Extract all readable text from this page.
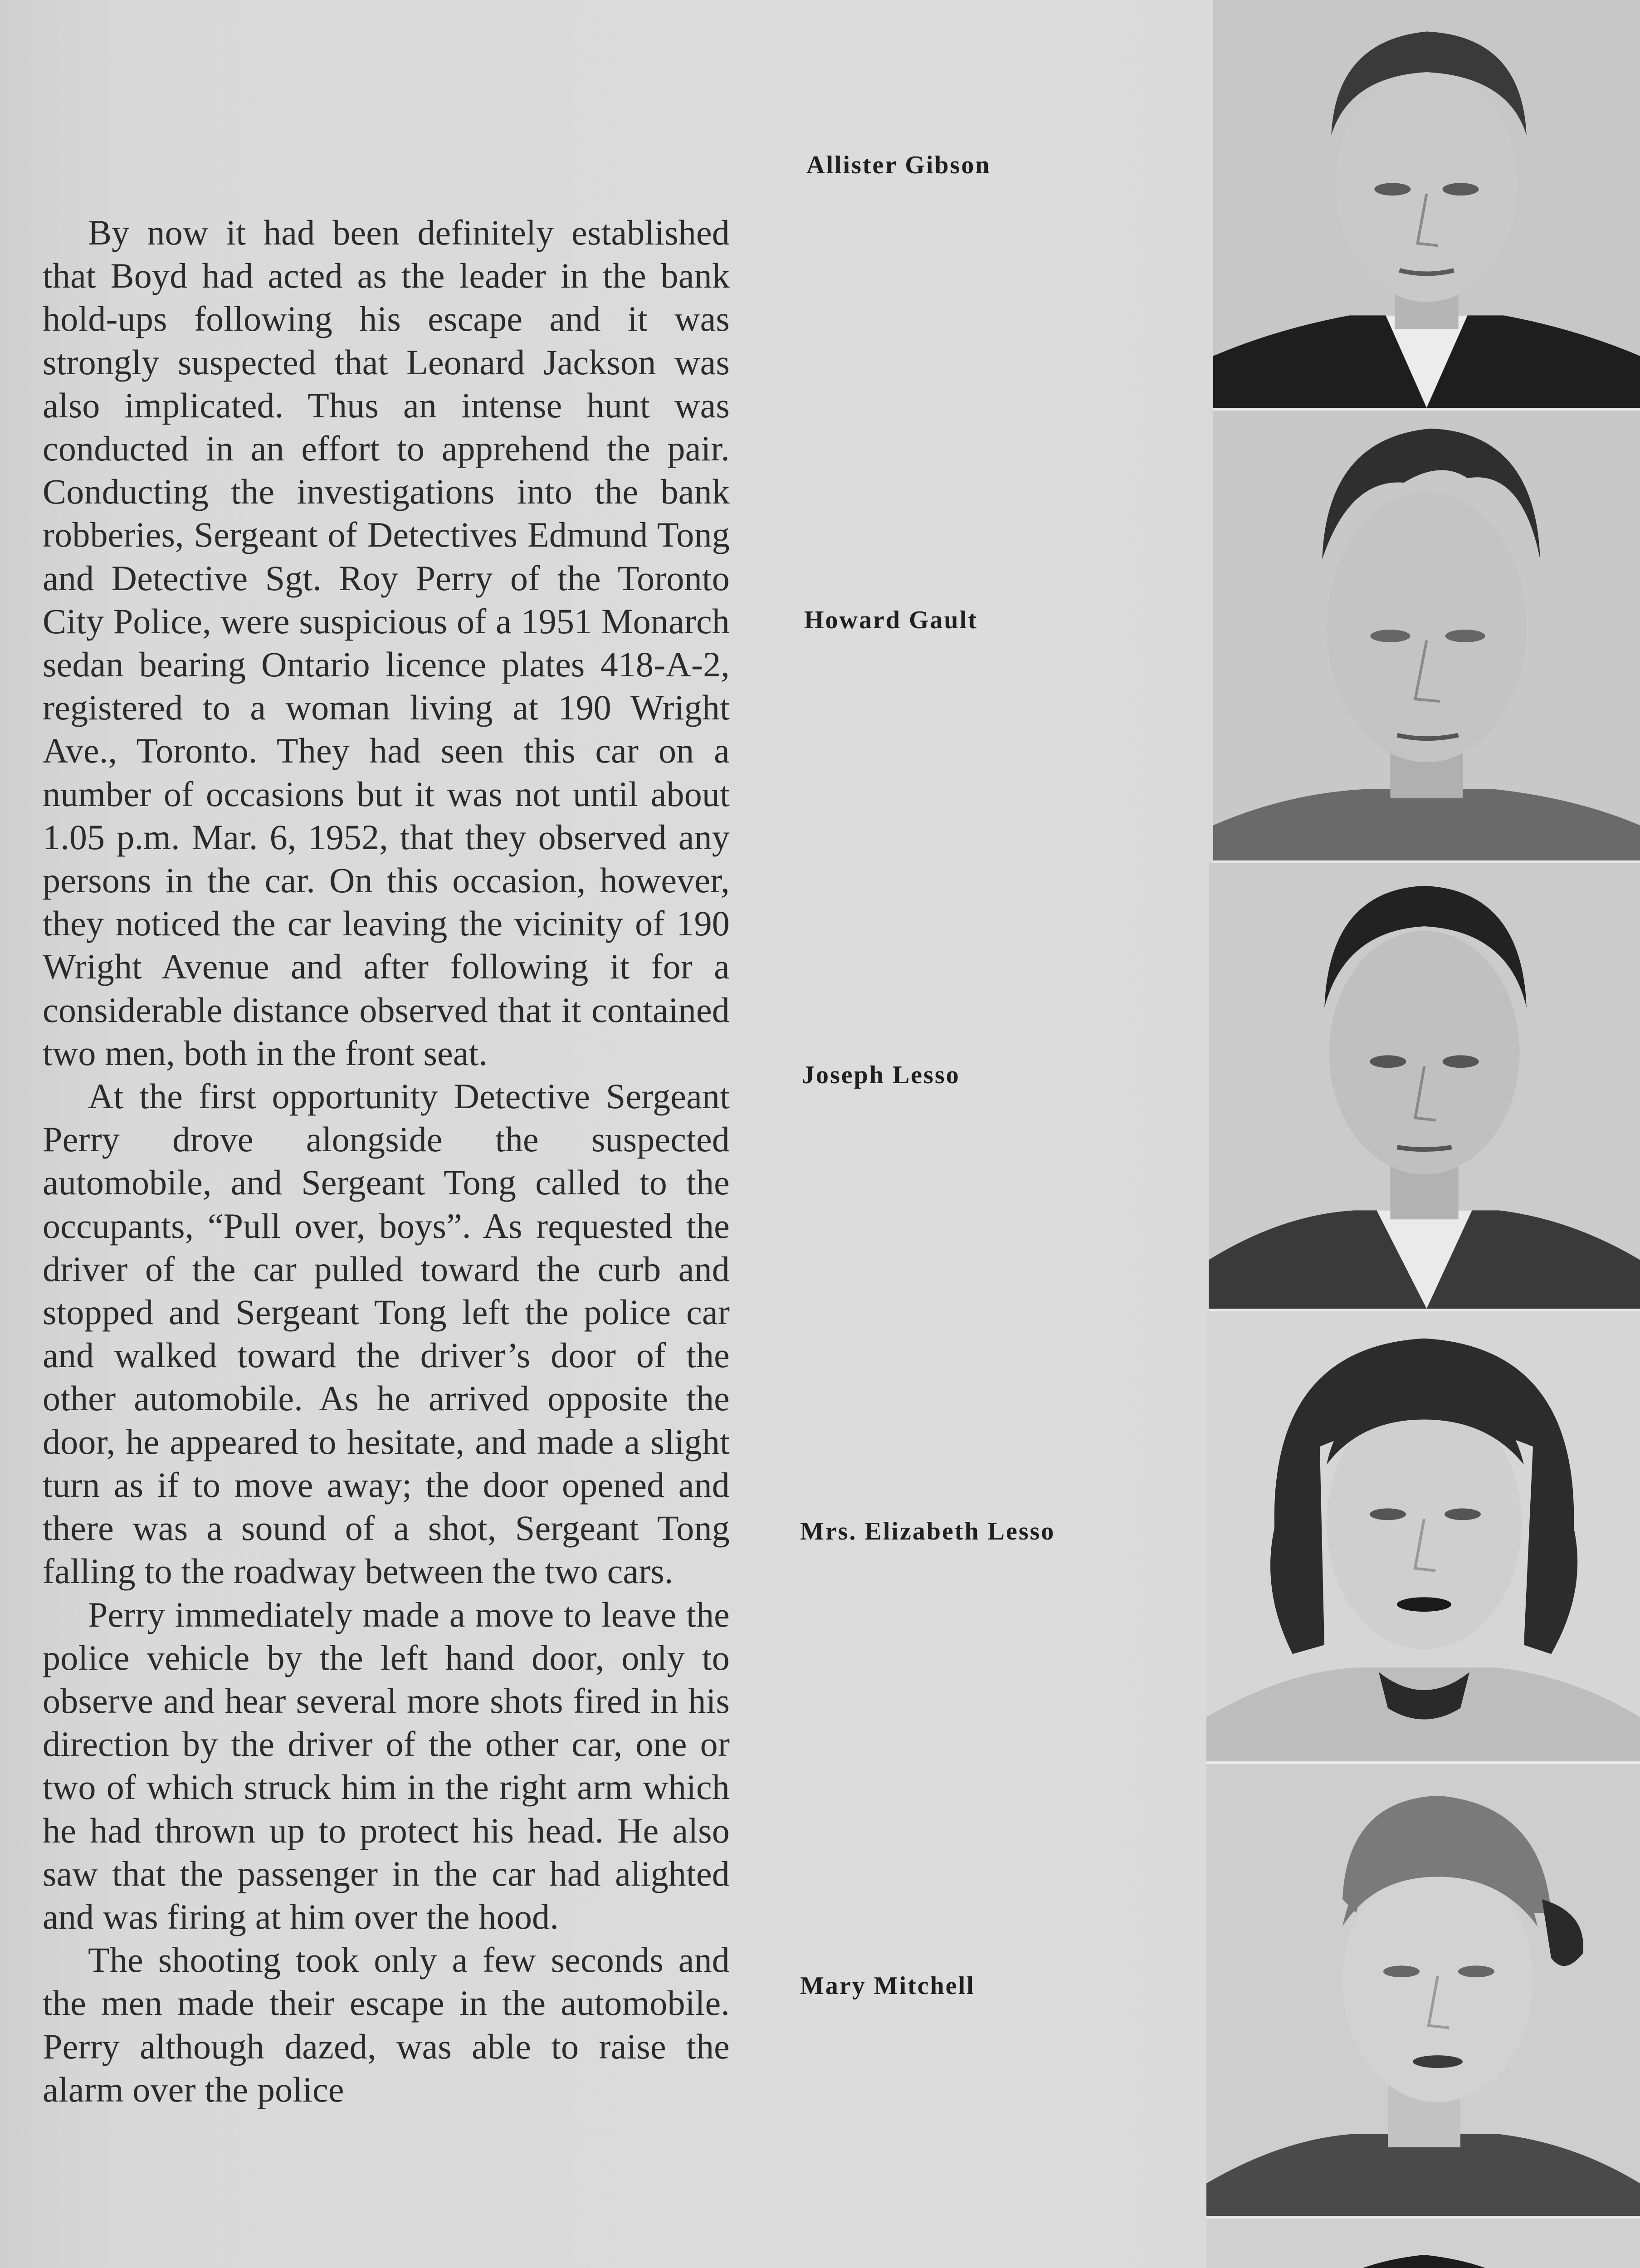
By now it had been definitely established that Boyd had acted as the leader in the bank hold-ups following his escape and it was strongly suspected that Leonard Jackson was also implicated. Thus an intense hunt was conducted in an effort to apprehend the pair. Conducting the investigations into the bank robberies, Sergeant of Detectives Edmund Tong and Detective Sgt. Roy Perry of the Toronto City Police, were suspicious of a 1951 Monarch sedan bearing Ontario licence plates 418-A-2, registered to a woman living at 190 Wright Ave., Toronto. They had seen this car on a number of occasions but it was not until about 1.05 p.m. Mar. 6, 1952, that they observed any persons in the car. On this occasion, however, they noticed the car leaving the vicinity of 190 Wright Avenue and after following it for a considerable distance observed that it contained two men, both in the front seat.

At the first opportunity Detective Sergeant Perry drove alongside the suspected automobile, and Sergeant Tong called to the occupants, “Pull over, boys”. As requested the driver of the car pulled toward the curb and stopped and Sergeant Tong left the police car and walked toward the driver’s door of the other automobile. As he arrived opposite the door, he appeared to hesitate, and made a slight turn as if to move away; the door opened and there was a sound of a shot, Sergeant Tong falling to the roadway between the two cars.

Perry immediately made a move to leave the police vehicle by the left hand door, only to observe and hear several more shots fired in his direction by the driver of the other car, one or two of which struck him in the right arm which he had thrown up to protect his head. He also saw that the passenger in the car had alighted and was firing at him over the hood.

The shooting took only a few seconds and the men made their escape in the automobile. Perry although dazed, was able to raise the alarm over the police

Allister Gibson
Howard Gault
Joseph Lesso
Mrs. Elizabeth Lesso
Mary Mitchell
